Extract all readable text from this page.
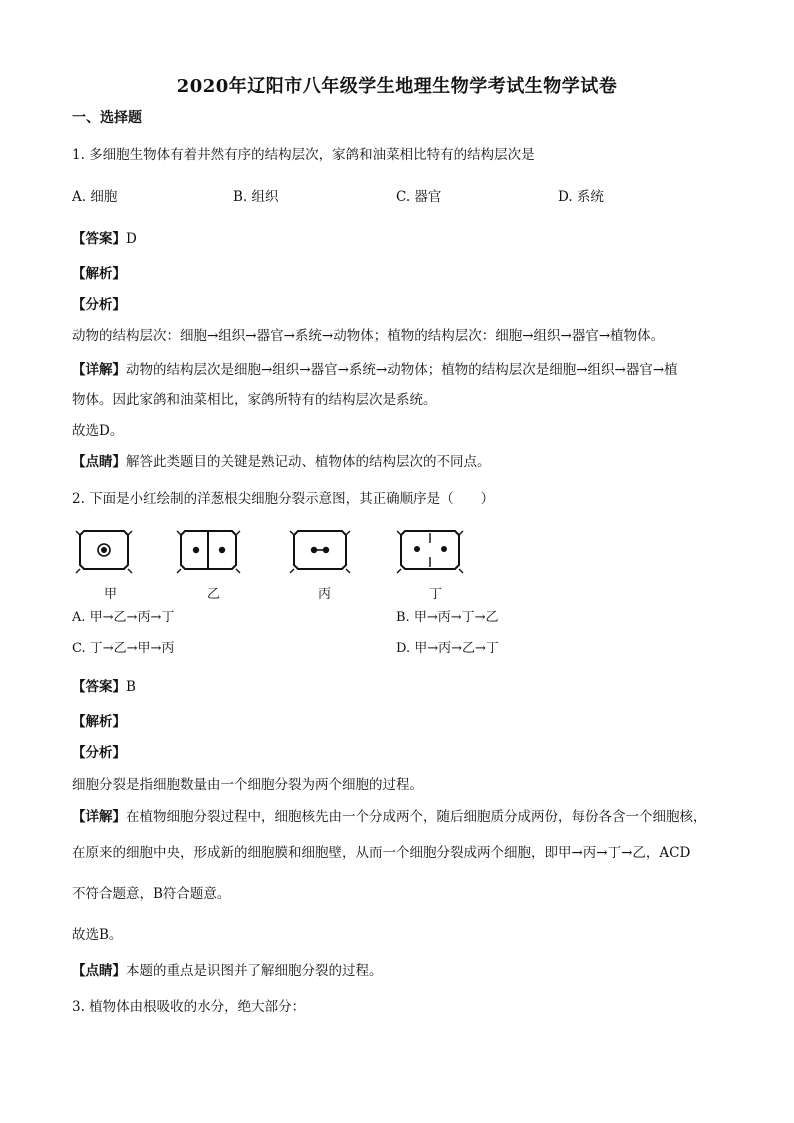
2020年辽阳市八年级学生地理生物学考试生物学试卷
一、选择题
1. 多细胞生物体有着井然有序的结构层次，家鸽和油菜相比特有的结构层次是
A. 细胞	B. 组织	C. 器官	D. 系统
【答案】D
【解析】
【分析】
动物的结构层次：细胞→组织→器官→系统→动物体；植物的结构层次：细胞→组织→器官→植物体。
【详解】动物的结构层次是细胞→组织→器官→系统→动物体；植物的结构层次是细胞→组织→器官→植
物体。因此家鸽和油菜相比，家鸽所特有的结构层次是系统。
故选D。
【点睛】解答此类题目的关键是熟记动、植物体的结构层次的不同点。
2. 下面是小红绘制的洋葱根尖细胞分裂示意图，其正确顺序是（　　）
甲	乙	丙	丁
A. 甲→乙→丙→丁	B. 甲→丙→丁→乙
C. 丁→乙→甲→丙	D. 甲→丙→乙→丁
【答案】B
【解析】
【分析】
细胞分裂是指细胞数量由一个细胞分裂为两个细胞的过程。
【详解】在植物细胞分裂过程中，细胞核先由一个分成两个，随后细胞质分成两份，每份各含一个细胞核，
在原来的细胞中央，形成新的细胞膜和细胞壁，从而一个细胞分裂成两个细胞，即甲→丙→丁→乙，ACD
不符合题意，B符合题意。
故选B。
【点睛】本题的重点是识图并了解细胞分裂的过程。
3. 植物体由根吸收的水分，绝大部分：
